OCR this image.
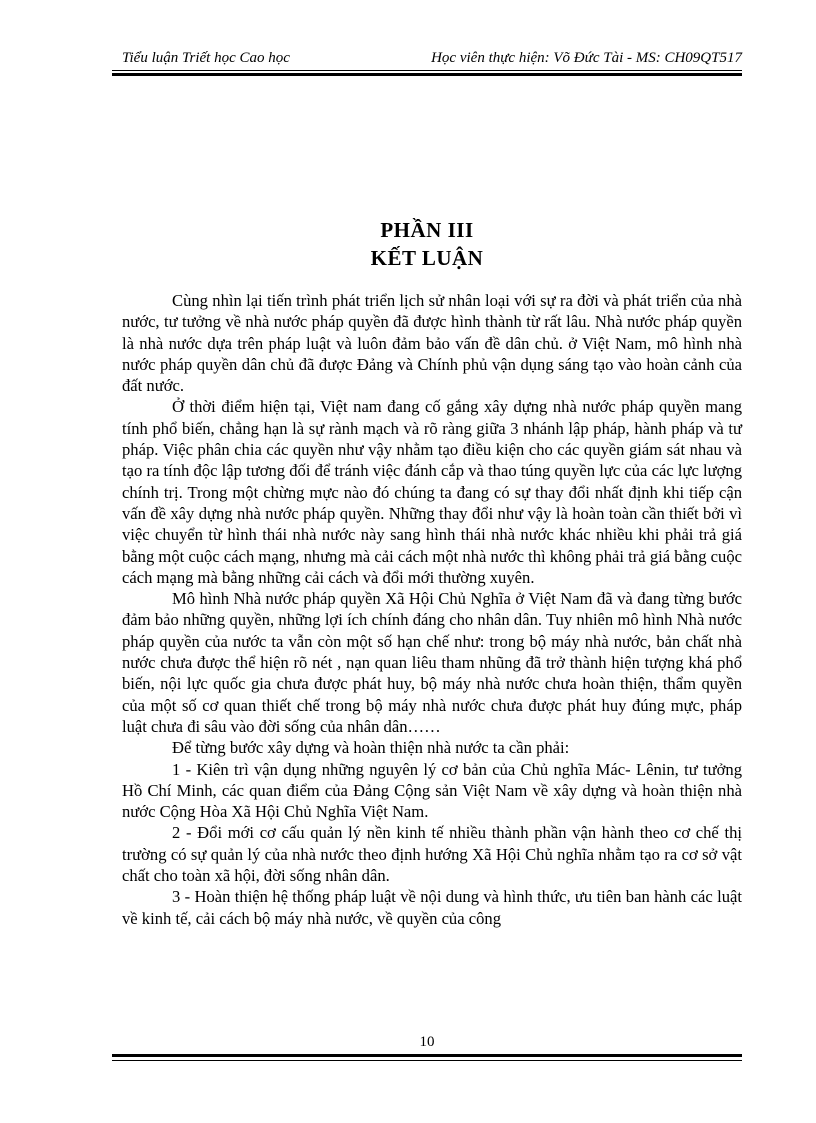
Tiểu luận Triết học Cao học	Học viên thực hiện: Võ Đức Tài - MS: CH09QT517
PHẦN III
KẾT LUẬN

Cùng nhìn lại tiến trình phát triển lịch sử nhân loại với sự ra đời và phát triển của nhà nước, tư tưởng về nhà nước pháp quyền đã được hình thành từ rất lâu. Nhà nước pháp quyền là nhà nước dựa trên pháp luật và luôn đảm bảo vấn đề dân chủ. ở Việt Nam, mô hình nhà nước pháp quyền dân chủ đã được Đảng và Chính phủ vận dụng sáng tạo vào hoàn cảnh của đất nước.

Ở thời điểm hiện tại, Việt nam đang cố gắng xây dựng nhà nước pháp quyền mang tính phổ biến, chẳng hạn là sự rành mạch và rõ ràng giữa 3 nhánh lập pháp, hành pháp và tư pháp. Việc phân chia các quyền như vậy nhằm tạo điều kiện cho các quyền giám sát nhau và tạo ra tính độc lập tương đối để tránh việc đánh cắp và thao túng quyền lực của các lực lượng chính trị. Trong một chừng mực nào đó chúng ta đang có sự thay đổi nhất định khi tiếp cận vấn đề xây dựng nhà nước pháp quyền. Những thay đổi như vậy là hoàn toàn cần thiết bởi vì việc chuyển từ hình thái nhà nước này sang hình thái nhà nước khác nhiều khi phải trả giá bằng một cuộc cách mạng, nhưng mà cải cách một nhà nước thì không phải trả giá bằng cuộc cách mạng mà bằng những cải cách và đổi mới thường xuyên.

Mô hình Nhà nước pháp quyền Xã Hội Chủ Nghĩa ở Việt Nam đã và đang từng bước đảm bảo những quyền, những lợi ích chính đáng cho nhân dân. Tuy nhiên mô hình Nhà nước pháp quyền của nước ta vẫn còn một số hạn chế như: trong bộ máy nhà nước, bản chất nhà nước chưa được thể hiện rõ nét , nạn quan liêu tham nhũng đã trở thành hiện tượng khá phổ biến, nội lực quốc gia chưa được phát huy, bộ máy nhà nước chưa hoàn thiện, thẩm quyền của một số cơ quan thiết chế trong bộ máy nhà nước chưa được phát huy đúng mực, pháp luật chưa đi sâu vào đời sống của nhân dân……

Để từng bước xây dựng và hoàn thiện nhà nước ta cần phải:

1 - Kiên trì vận dụng những nguyên lý cơ bản của Chủ nghĩa Mác- Lênin, tư tưởng Hồ Chí Minh, các quan điểm của Đảng Cộng sản Việt Nam về xây dựng và hoàn thiện nhà nước Cộng Hòa Xã Hội Chủ Nghĩa Việt Nam.

2 - Đổi mới cơ cấu quản lý nền kinh tế nhiều thành phần vận hành theo cơ chế thị trường có sự quản lý của nhà nước theo định hướng Xã Hội Chủ nghĩa nhằm tạo ra cơ sở vật chất cho toàn xã hội, đời sống nhân dân.

3 - Hoàn thiện hệ thống pháp luật về nội dung và hình thức, ưu tiên ban hành các luật về kinh tế, cải cách bộ máy nhà nước, về quyền của công

10
